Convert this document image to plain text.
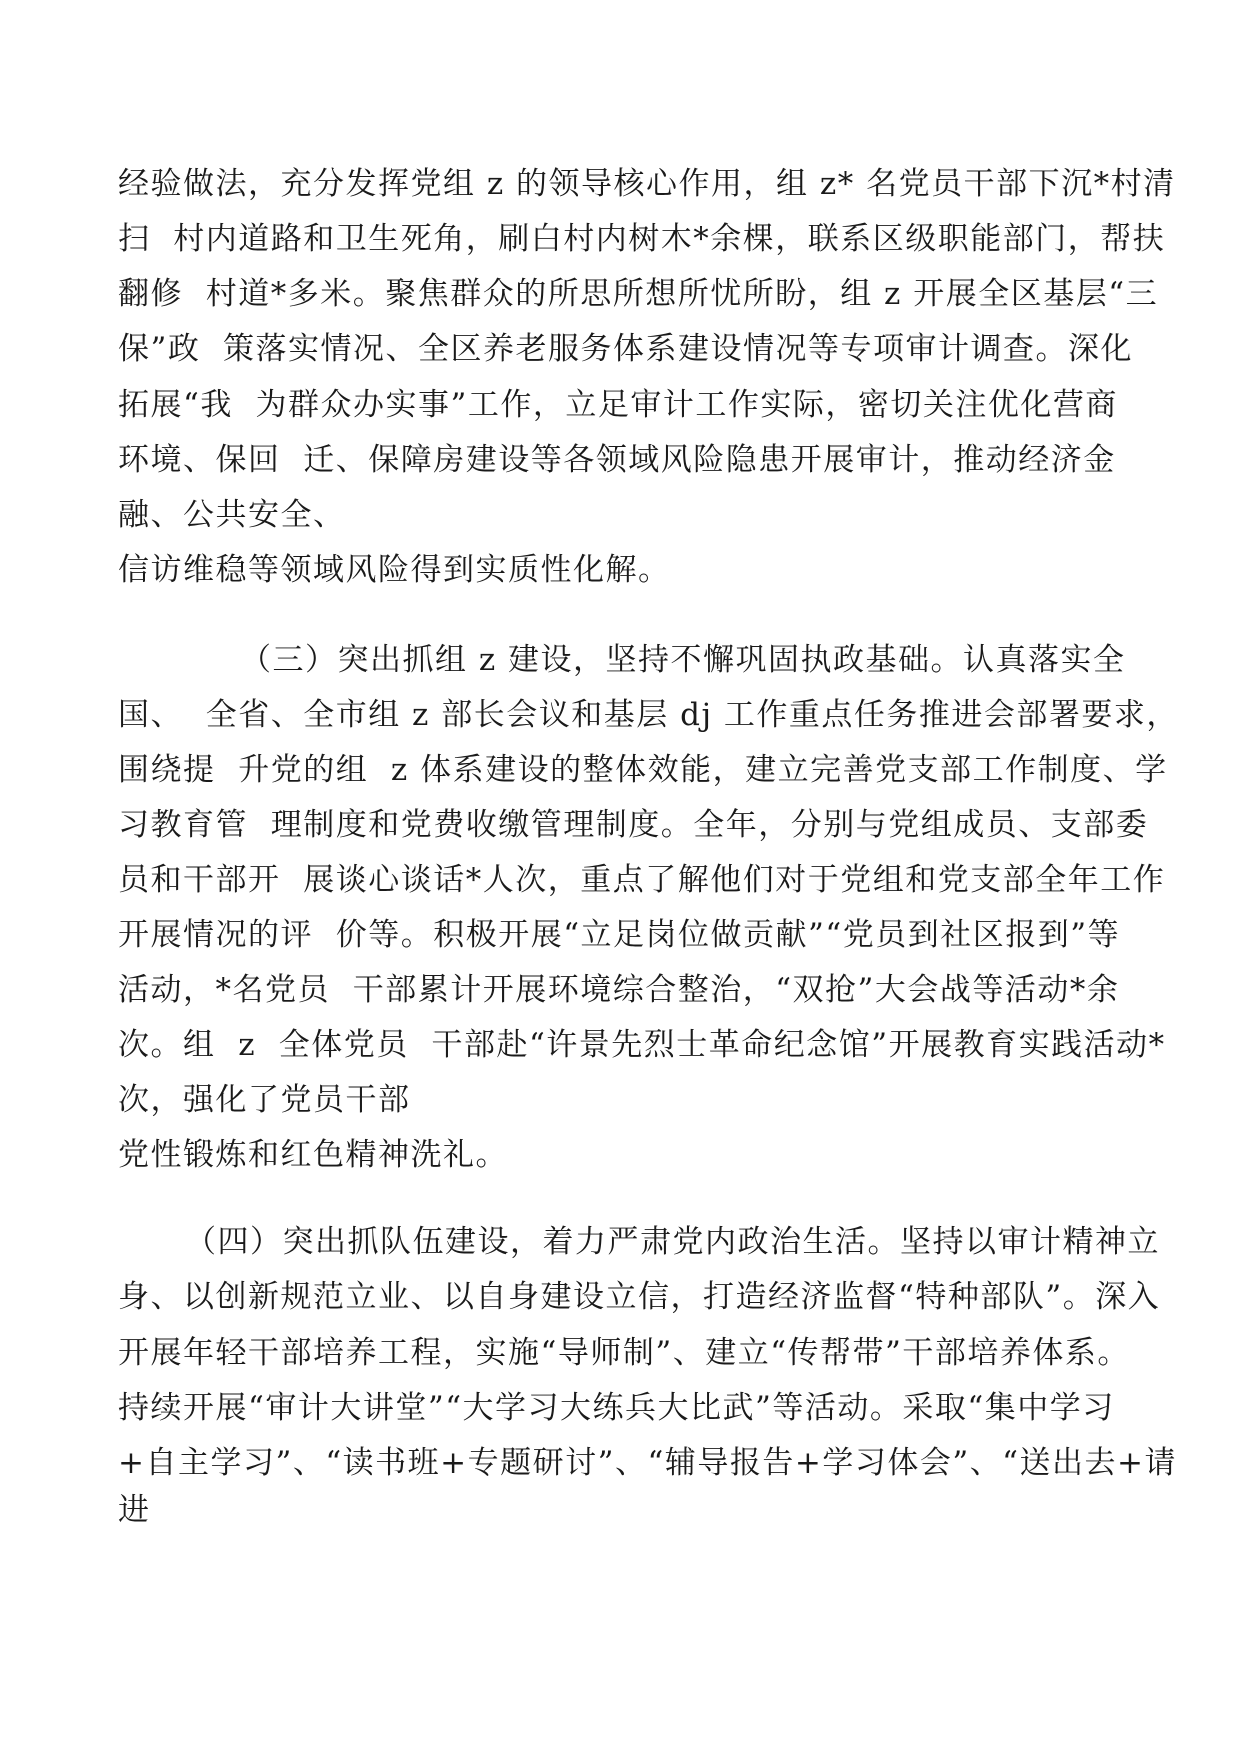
经验做法，充分发挥党组 z 的领导核心作用，组 z* 名党员干部下沉*村清
扫  村内道路和卫生死角，刷白村内树木*余棵，联系区级职能部门，帮扶
翻修  村道*多米。聚焦群众的所思所想所忧所盼，组 z 开展全区基层“三
保”政  策落实情况、全区养老服务体系建设情况等专项审计调查。深化
拓展“我  为群众办实事”工作，立足审计工作实际，密切关注优化营商
环境、保回  迁、保障房建设等各领域风险隐患开展审计，推动经济金
融、公共安全、
信访维稳等领域风险得到实质性化解。
（三）突出抓组 z 建设，坚持不懈巩固执政基础。认真落实全
国、  全省、全市组 z 部长会议和基层 dj 工作重点任务推进会部署要求，
围绕提  升党的组  z 体系建设的整体效能，建立完善党支部工作制度、学
习教育管  理制度和党费收缴管理制度。全年，分别与党组成员、支部委
员和干部开  展谈心谈话*人次，重点了解他们对于党组和党支部全年工作
开展情况的评  价等。积极开展“立足岗位做贡献”“党员到社区报到”等
活动，*名党员  干部累计开展环境综合整治，“双抢”大会战等活动*余
次。组  z  全体党员  干部赴“许景先烈士革命纪念馆”开展教育实践活动*
次，强化了党员干部
党性锻炼和红色精神洗礼。
（四）突出抓队伍建设，着力严肃党内政治生活。坚持以审计精神立
身、以创新规范立业、以自身建设立信，打造经济监督“特种部队”。深入
开展年轻干部培养工程，实施“导师制”、建立“传帮带”干部培养体系。
持续开展“审计大讲堂”“大学习大练兵大比武”等活动。采取“集中学习
+自主学习”、“读书班+专题研讨”、“辅导报告+学习体会”、“送出去+请
进
